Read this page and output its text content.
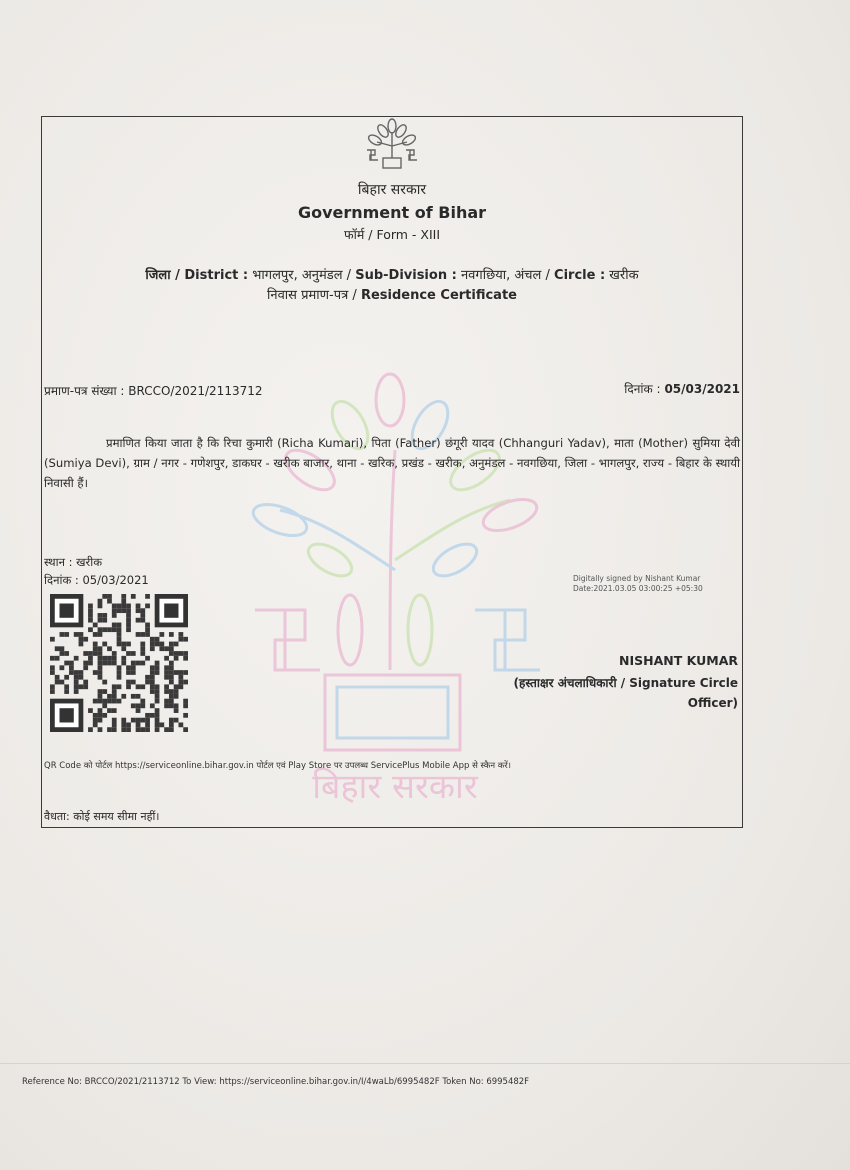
बिहार सरकार
बिहार सरकार
Government of Bihar
फॉर्म / Form - XIII
जिला / District : भागलपुर, अनुमंडल / Sub-Division : नवगछिया, अंचल / Circle : खरीक
निवास प्रमाण-पत्र / Residence Certificate
प्रमाण-पत्र संख्या : BRCCO/2021/2113712	दिनांक : 05/03/2021
प्रमाणित किया जाता है कि रिचा कुमारी (Richa Kumari), पिता (Father) छंगूरी यादव (Chhanguri Yadav), माता (Mother) सुमिया देवी (Sumiya Devi), ग्राम / नगर - गणेशपुर, डाकघर - खरीक बाजार, थाना - खरिक, प्रखंड - खरीक, अनुमंडल - नवगछिया, जिला - भागलपुर, राज्य - बिहार के स्थायी निवासी हैं।
स्थान : खरीक
दिनांक : 05/03/2021	Digitally signed by Nishant Kumar
Date:2021.03.05 03:00:25 +05:30
NISHANT KUMAR
(हस्ताक्षर अंचलाधिकारी / Signature Circle Officer)
QR Code को पोर्टल https://serviceonline.bihar.gov.in पोर्टल एवं Play Store पर उपलब्ध ServicePlus Mobile App से स्कैन करें।
वैधता: कोई समय सीमा नहीं।
Reference No: BRCCO/2021/2113712 To View: https://serviceonline.bihar.gov.in/I/4waLb/6995482F Token No: 6995482F
